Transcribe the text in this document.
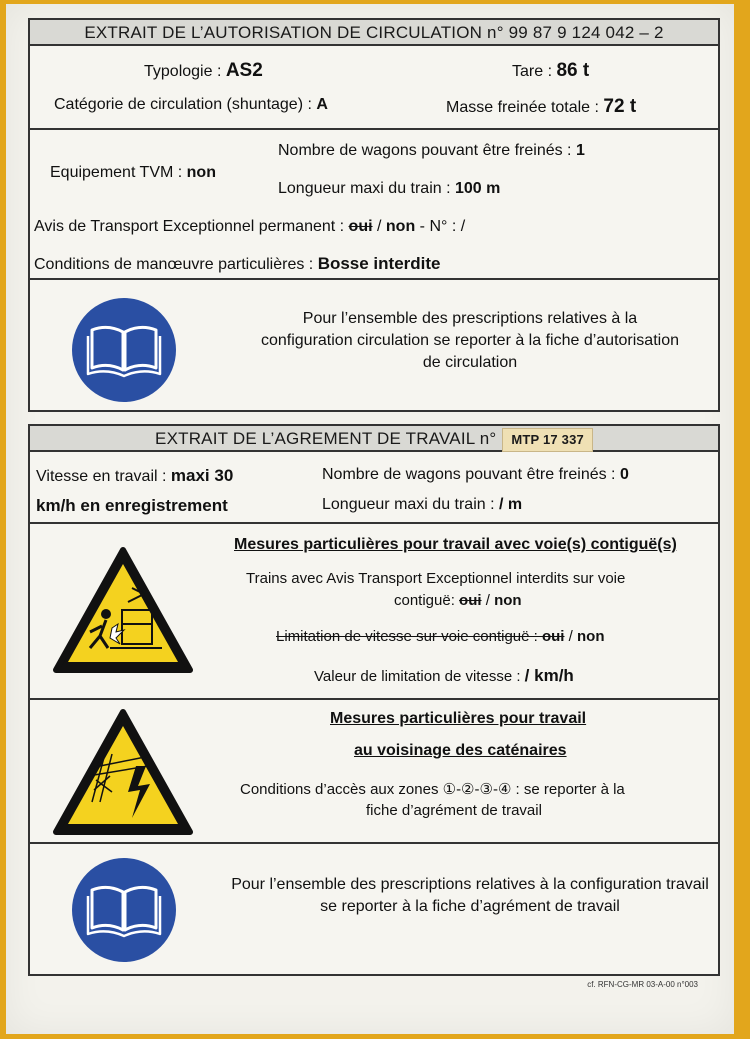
EXTRAIT DE L’AUTORISATION DE CIRCULATION n° 99 87 9 124 042 – 2
Typologie : AS2	Tare : 86 t
Catégorie de circulation (shuntage) : A	Masse freinée totale : 72 t
Equipement TVM : non
Nombre de wagons pouvant être freinés : 1
Longueur maxi du train : 100 m
Avis de Transport Exceptionnel permanent : oui / non - N° : /
Conditions de manœuvre particulières : Bosse interdite
Pour l’ensemble des prescriptions relatives à la configuration circulation se reporter à la fiche d’autorisation de circulation
EXTRAIT DE L’AGREMENT DE TRAVAIL n° MTP 17 337
Vitesse en travail : maxi 30
km/h en enregistrement
Nombre de wagons pouvant être freinés : 0
Longueur maxi du train : / m
Mesures particulières pour travail avec voie(s) contiguë(s)
Trains avec Avis Transport Exceptionnel interdits sur voie
contiguë: oui / non
Limitation de vitesse sur voie contiguë : oui / non
Valeur de limitation de vitesse : / km/h
Mesures particulières pour travail
au voisinage des caténaires
Conditions d’accès aux zones ①-②-③-④ : se reporter à la
fiche d’agrément de travail
Pour l’ensemble des prescriptions relatives à la configuration travail se reporter à la fiche d’agrément de travail
cf. RFN-CG-MR 03-A-00 n°003
